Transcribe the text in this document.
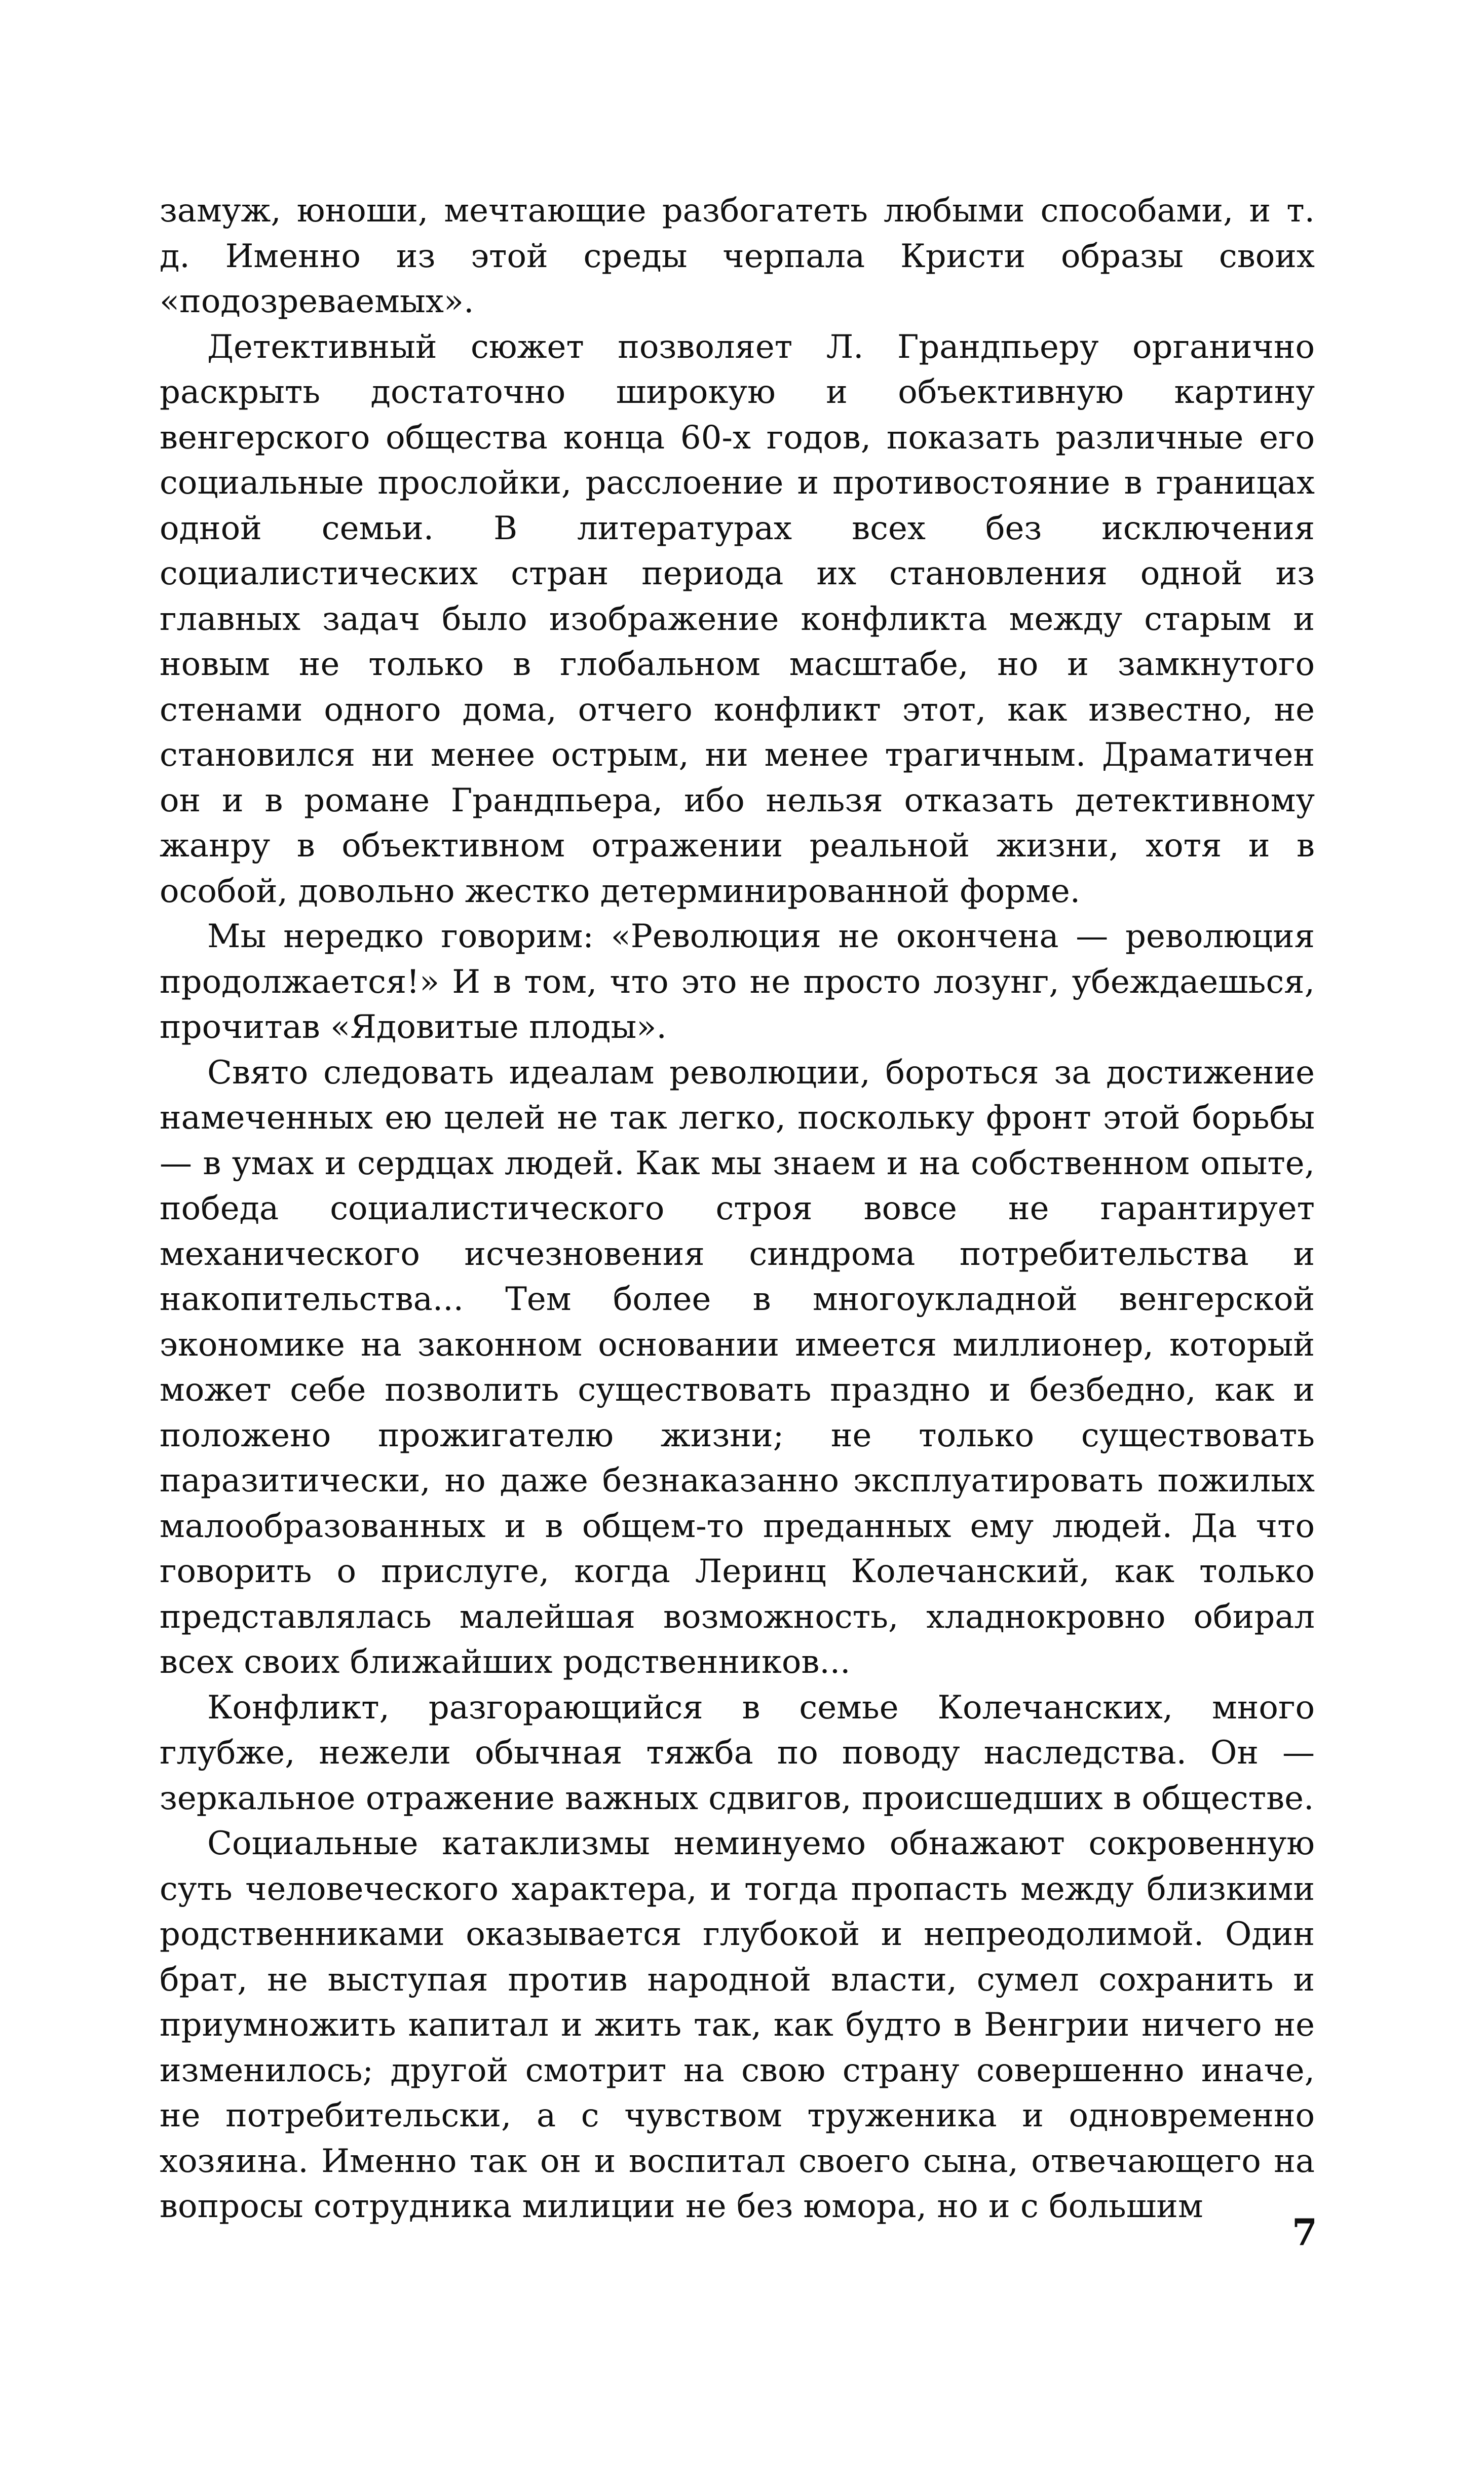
замуж, юноши, мечтающие разбогатеть любыми способами, и т. д. Именно из этой среды черпала Кристи образы своих «подозреваемых».

Детективный сюжет позволяет Л. Грандпьеру органично раскрыть достаточно широкую и объективную картину венгерского общества конца 60-х годов, показать различные его социальные прослойки, расслоение и противостояние в границах одной семьи. В литературах всех без исключения социалистических стран периода их становления одной из главных задач было изображение конфликта между старым и новым не только в глобальном масштабе, но и замкнутого стенами одного дома, отчего конфликт этот, как известно, не становился ни менее острым, ни менее трагичным. Драматичен он и в романе Грандпьера, ибо нельзя отказать детективному жанру в объективном отражении реальной жизни, хотя и в особой, довольно жестко детерминированной форме.

Мы нередко говорим: «Революция не окончена — революция продолжается!» И в том, что это не просто лозунг, убеждаешься, прочитав «Ядовитые плоды».

Свято следовать идеалам революции, бороться за достижение намеченных ею целей не так легко, поскольку фронт этой борьбы — в умах и сердцах людей. Как мы знаем и на собственном опыте, победа социалистического строя вовсе не гарантирует механического исчезновения синдрома потребительства и накопительства... Тем более в многоукладной венгерской экономике на законном основании имеется миллионер, который может себе позволить существовать праздно и безбедно, как и положено прожигателю жизни; не только существовать паразитически, но даже безнаказанно эксплуатировать пожилых малообразованных и в общем-то преданных ему людей. Да что говорить о прислуге, когда Леринц Колечанский, как только представлялась малейшая возможность, хладнокровно обирал всех своих ближайших родственников...

Конфликт, разгорающийся в семье Колечанских, много глубже, нежели обычная тяжба по поводу наследства. Он — зеркальное отражение важных сдвигов, происшедших в обществе.

Социальные катаклизмы неминуемо обнажают сокровенную суть человеческого характера, и тогда пропасть между близкими родственниками оказывается глубокой и непреодолимой. Один брат, не выступая против народной власти, сумел сохранить и приумножить капитал и жить так, как будто в Венгрии ничего не изменилось; другой смотрит на свою страну совершенно иначе, не потребительски, а с чувством труженика и одновременно хозяина. Именно так он и воспитал своего сына, отвечающего на вопросы сотрудника милиции не без юмора, но и с большим

7
